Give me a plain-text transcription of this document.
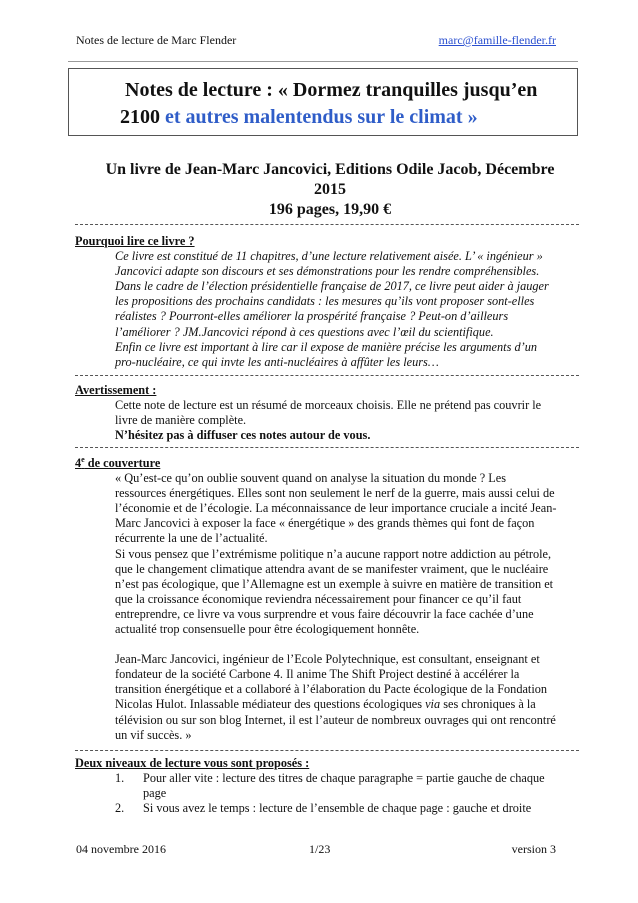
Notes de lecture de Marc Flender	marc@famille-flender.fr
Notes de lecture : « Dormez tranquilles jusqu’en
2100 et autres malentendus sur le climat »
Un livre de Jean-Marc Jancovici, Editions Odile Jacob, Décembre
2015
196 pages, 19,90 €
Pourquoi lire ce livre ?
Ce livre est constitué de 11 chapitres, d’une lecture relativement aisée. L’ « ingénieur »
Jancovici adapte son discours et ses démonstrations pour les rendre compréhensibles.
Dans le cadre de l’élection présidentielle française de 2017, ce livre peut aider à jauger
les propositions des prochains candidats : les mesures qu’ils vont proposer sont-elles
réalistes ? Pourront-elles améliorer la prospérité française ? Peut-on d’ailleurs
l’améliorer ? JM.Jancovici répond à ces questions avec l’œil du scientifique.
Enfin ce livre est important à lire car il expose de manière précise les arguments d’un
pro-nucléaire, ce qui invte les anti-nucléaires à affûter les leurs…
Avertissement :
Cette note de lecture est un résumé de morceaux choisis. Elle ne prétend pas couvrir le
livre de manière complète.
N’hésitez pas à diffuser ces notes autour de vous.
4e de couverture
« Qu’est-ce qu’on oublie souvent quand on analyse la situation du monde ? Les
ressources énergétiques. Elles sont non seulement le nerf de la guerre, mais aussi celui de
l’économie et de l’écologie. La méconnaissance de leur importance cruciale a incité Jean-
Marc Jancovici à exposer la face « énergétique » des grands thèmes qui font de façon
récurrente la une de l’actualité.
Si vous pensez que l’extrémisme politique n’a aucune rapport notre addiction au pétrole,
que le changement climatique attendra avant de se manifester vraiment, que le nucléaire
n’est pas écologique, que l’Allemagne est un exemple à suivre en matière de transition et
que la croissance économique reviendra nécessairement pour financer ce qu’il faut
entreprendre, ce livre va vous surprendre et vous faire découvrir la face cachée d’une
actualité trop consensuelle pour être écologiquement honnête.
Jean-Marc Jancovici, ingénieur de l’Ecole Polytechnique, est consultant, enseignant et
fondateur de la société Carbone 4. Il anime The Shift Project destiné à accélérer la
transition énergétique et a collaboré à l’élaboration du Pacte écologique de la Fondation
Nicolas Hulot. Inlassable médiateur des questions écologiques via ses chroniques à la
télévision ou sur son blog Internet, il est l’auteur de nombreux ouvrages qui ont rencontré
un vif succès. »
Deux niveaux de lecture vous sont proposés :
1. Pour aller vite : lecture des titres de chaque paragraphe = partie gauche de chaque
page
2. Si vous avez le temps : lecture de l’ensemble de chaque page : gauche et droite
04 novembre 2016	1/23	version 3
